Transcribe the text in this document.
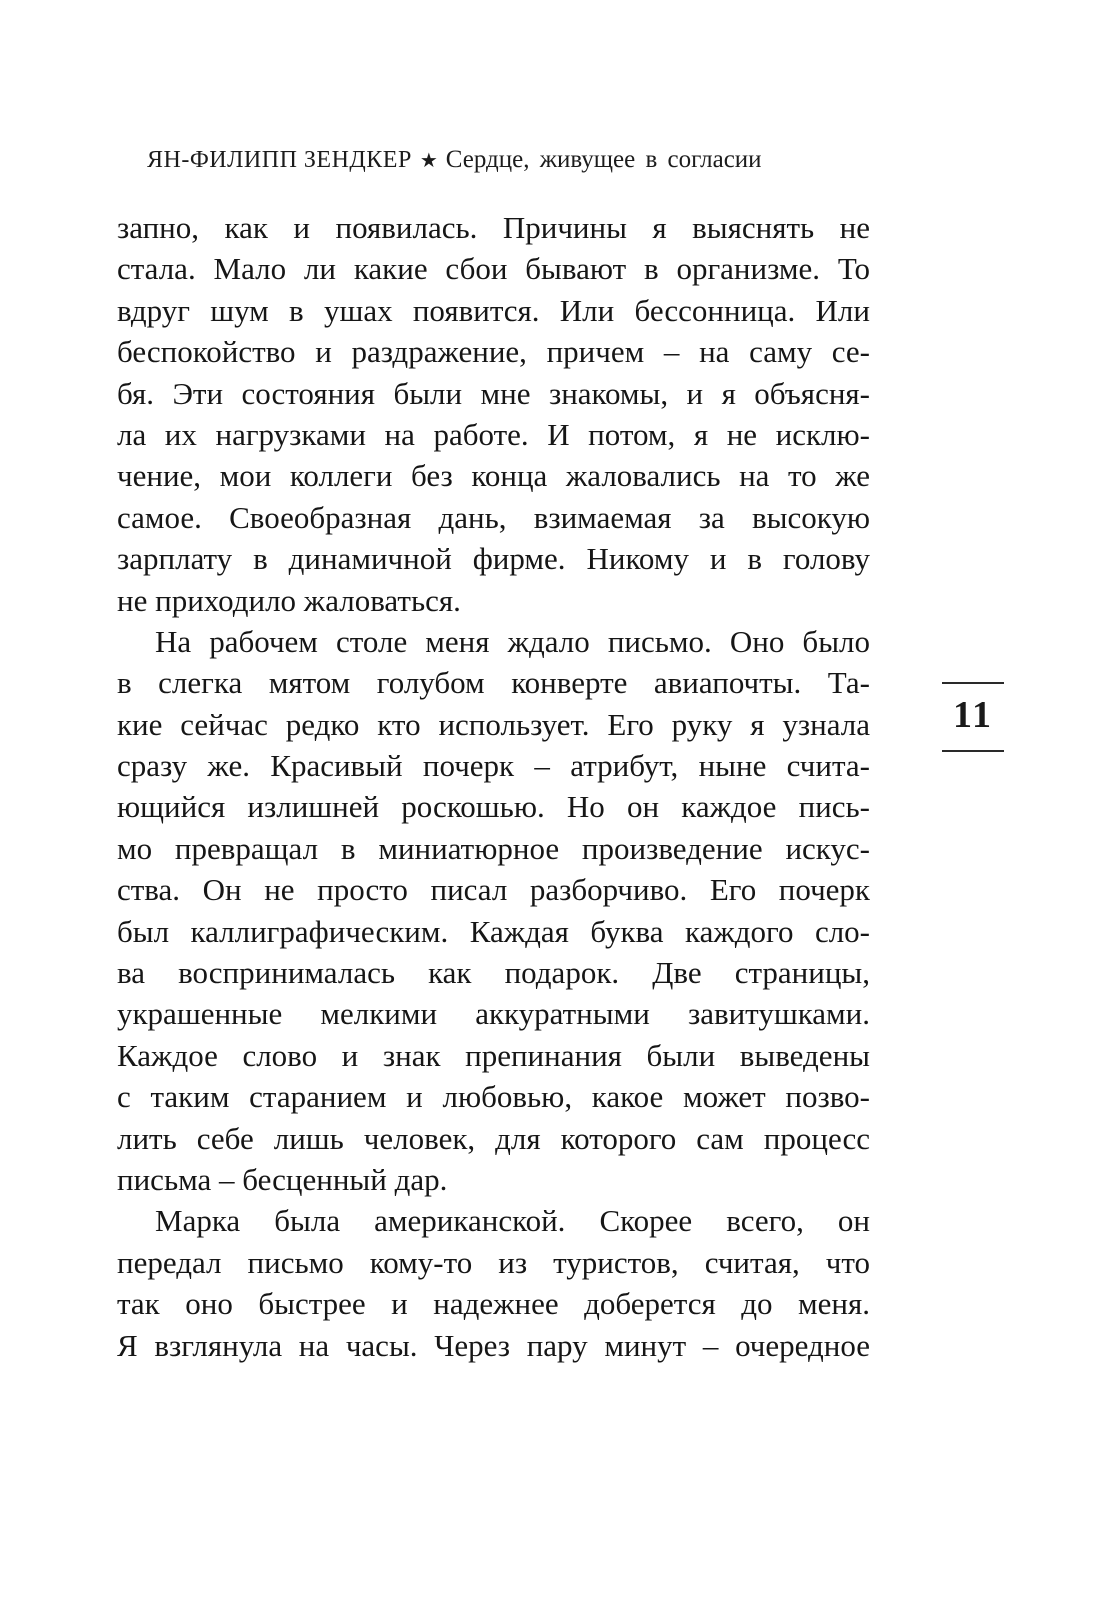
ЯН-ФИЛИПП ЗЕНДКЕР ★ Сердце, живущее в согласии
запно, как и появилась. Причины я выяснять не
стала. Мало ли какие сбои бывают в организме. То
вдруг шум в ушах появится. Или бессонница. Или
беспокойство и раздражение, причем – на саму се-
бя. Эти состояния были мне знакомы, и я объясня-
ла их нагрузками на работе. И потом, я не исклю-
чение, мои коллеги без конца жаловались на то же
самое. Своеобразная дань, взимаемая за высокую
зарплату в динамичной фирме. Никому и в голову
не приходило жаловаться.
На рабочем столе меня ждало письмо. Оно было
в слегка мятом голубом конверте авиапочты. Та-
кие сейчас редко кто использует. Его руку я узнала
сразу же. Красивый почерк – атрибут, ныне счита-
ющийся излишней роскошью. Но он каждое пись-
мо превращал в миниатюрное произведение искус-
ства. Он не просто писал разборчиво. Его почерк
был каллиграфическим. Каждая буква каждого сло-
ва воспринималась как подарок. Две страницы,
украшенные мелкими аккуратными завитушками.
Каждое слово и знак препинания были выведены
с таким старанием и любовью, какое может позво-
лить себе лишь человек, для которого сам процесс
письма – бесценный дар.
Марка была американской. Скорее всего, он
передал письмо кому-то из туристов, считая, что
так оно быстрее и надежнее доберется до меня.
Я взглянула на часы. Через пару минут – очередное
11
